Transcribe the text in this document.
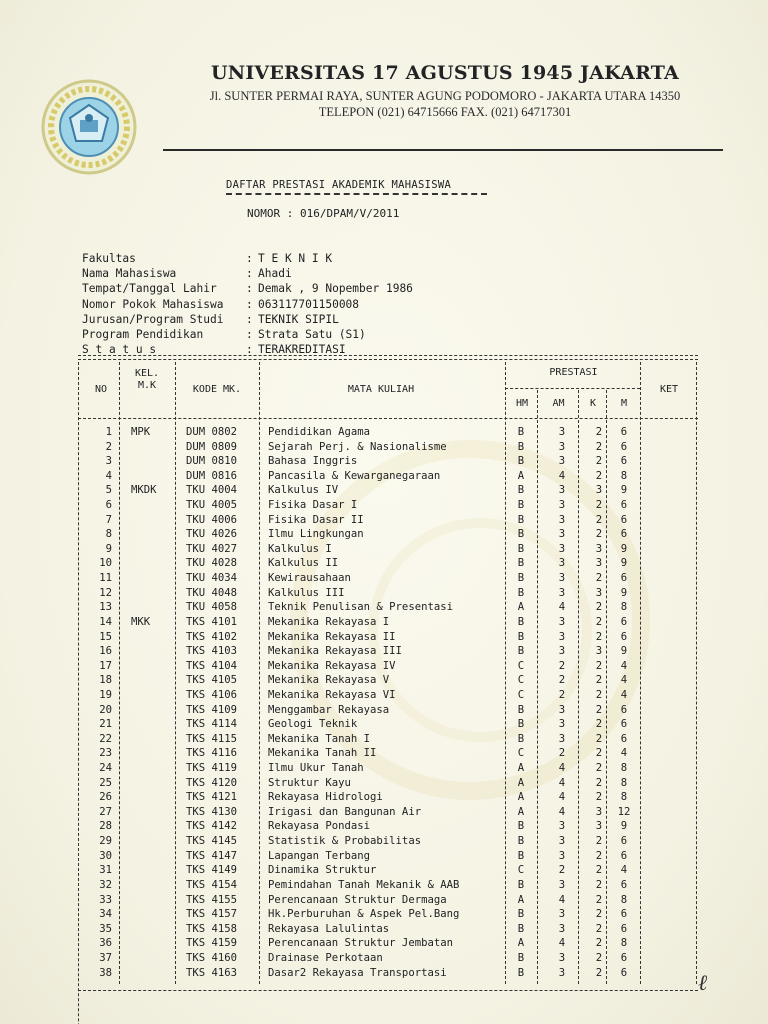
UNIVERSITAS 17 AGUSTUS 1945 JAKARTA
Jl. SUNTER PERMAI RAYA, SUNTER AGUNG PODOMORO - JAKARTA UTARA 14350
TELEPON (021) 64715666 FAX. (021) 64717301
DAFTAR PRESTASI AKADEMIK MAHASISWA
NOMOR : 016/DPAM/V/2011
Fakultas	: T E K N I K
Nama Mahasiswa	: Ahadi
Tempat/Tanggal Lahir	: Demak , 9 Nopember 1986
Nomor Pokok Mahasiswa	: 063117701150008
Jurusan/Program Studi	: TEKNIK SIPIL
Program Pendidikan	: Strata Satu (S1)
S t a t u s	: TERAKREDITASI
NO
KEL.
M.K	KODE MK.	MATA KULIAH
PRESTASI
HM	AM	K	M
KET
1 MPK	DUM 0802	Pendidikan Agama	B	3	2	6
2	DUM 0809	Sejarah Perj. & Nasionalisme	B	3	2	6
3	DUM 0810	Bahasa Inggris	B	3	2	6
4	DUM 0816	Pancasila & Kewarganegaraan	A	4	2	8
5 MKDK	TKU 4004	Kalkulus IV	B	3	3	9
6	TKU 4005	Fisika Dasar I	B	3	2	6
7	TKU 4006	Fisika Dasar II	B	3	2	6
8	TKU 4026	Ilmu Lingkungan	B	3	2	6
9	TKU 4027	Kalkulus I	B	3	3	9
10	TKU 4028	Kalkulus II	B	3	3	9
11	TKU 4034	Kewirausahaan	B	3	2	6
12	TKU 4048	Kalkulus III	B	3	3	9
13	TKU 4058	Teknik Penulisan & Presentasi	A	4	2	8
14 MKK	TKS 4101	Mekanika Rekayasa I	B	3	2	6
15	TKS 4102	Mekanika Rekayasa II	B	3	2	6
16	TKS 4103	Mekanika Rekayasa III	B	3	3	9
17	TKS 4104	Mekanika Rekayasa IV	C	2	2	4
18	TKS 4105	Mekanika Rekayasa V	C	2	2	4
19	TKS 4106	Mekanika Rekayasa VI	C	2	2	4
20	TKS 4109	Menggambar Rekayasa	B	3	2	6
21	TKS 4114	Geologi Teknik	B	3	2	6
22	TKS 4115	Mekanika Tanah I	B	3	2	6
23	TKS 4116	Mekanika Tanah II	C	2	2	4
24	TKS 4119	Ilmu Ukur Tanah	A	4	2	8
25	TKS 4120	Struktur Kayu	A	4	2	8
26	TKS 4121	Rekayasa Hidrologi	A	4	2	8
27	TKS 4130	Irigasi dan Bangunan Air	A	4	3	12
28	TKS 4142	Rekayasa Pondasi	B	3	3	9
29	TKS 4145	Statistik & Probabilitas	B	3	2	6
30	TKS 4147	Lapangan Terbang	B	3	2	6
31	TKS 4149	Dinamika Struktur	C	2	2	4
32	TKS 4154	Pemindahan Tanah Mekanik & AAB	B	3	2	6
33	TKS 4155	Perencanaan Struktur Dermaga	A	4	2	8
34	TKS 4157	Hk.Perburuhan & Aspek Pel.Bang	B	3	2	6
35	TKS 4158	Rekayasa Lalulintas	B	3	2	6
36	TKS 4159	Perencanaan Struktur Jembatan	A	4	2	8
37	TKS 4160	Drainase Perkotaan	B	3	2	6
38	TKS 4163	Dasar2 Rekayasa Transportasi	B	3	2	6	ℓ
